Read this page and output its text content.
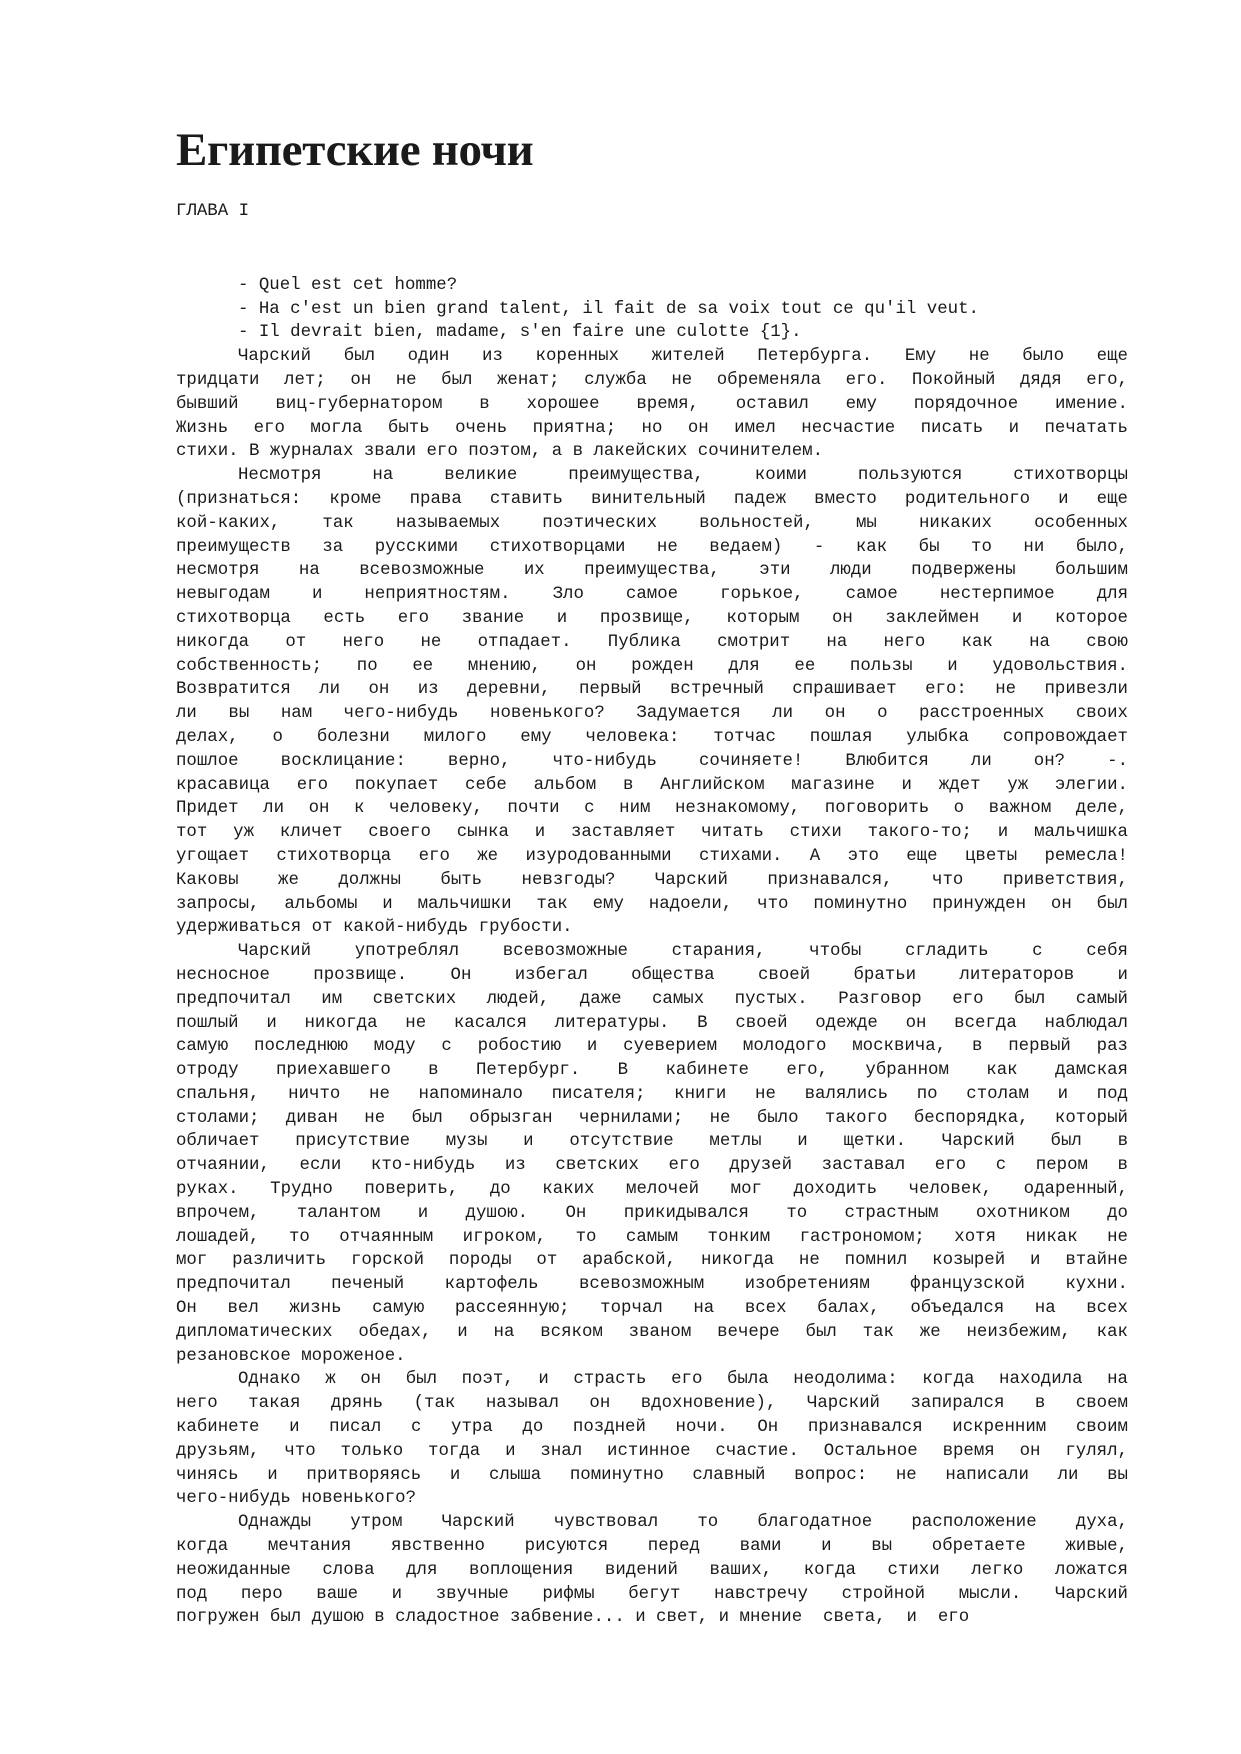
Египетские ночи
ГЛАВА I
- Quel est cet homme?
- Ha c'est un bien grand talent, il fait de sa voix tout ce qu'il veut.
- Il devrait bien, madame, s'en faire une culotte {1}.
Чарский был один из коренных жителей Петербурга. Ему не было еще
тридцати лет; он не был женат; служба не обременяла его. Покойный дядя его,
бывший виц-губернатором в хорошее время, оставил ему порядочное имение.
Жизнь его могла быть очень приятна; но он имел несчастие писать и печатать
стихи. В журналах звали его поэтом, а в лакейских сочинителем.
Несмотря на великие преимущества, коими пользуются стихотворцы
(признаться: кроме права ставить винительный падеж вместо родительного и еще
кой-каких, так называемых поэтических вольностей, мы никаких особенных
преимуществ за русскими стихотворцами не ведаем) - как бы то ни было,
несмотря на всевозможные их преимущества, эти люди подвержены большим
невыгодам и неприятностям. Зло самое горькое, самое нестерпимое для
стихотворца есть его звание и прозвище, которым он заклеймен и которое
никогда от него не отпадает. Публика смотрит на него как на свою
собственность; по ее мнению, он рожден для ее пользы и удовольствия.
Возвратится ли он из деревни, первый встречный спрашивает его: не привезли
ли вы нам чего-нибудь новенького? Задумается ли он о расстроенных своих
делах, о болезни милого ему человека: тотчас пошлая улыбка сопровождает
пошлое восклицание: верно, что-нибудь сочиняете! Влюбится ли он? -.
красавица его покупает себе альбом в Английском магазине и ждет уж элегии.
Придет ли он к человеку, почти с ним незнакомому, поговорить о важном деле,
тот уж кличет своего сынка и заставляет читать стихи такого-то; и мальчишка
угощает стихотворца его же изуродованными стихами. А это еще цветы ремесла!
Каковы же должны быть невзгоды? Чарский признавался, что приветствия,
запросы, альбомы и мальчишки так ему надоели, что поминутно принужден он был
удерживаться от какой-нибудь грубости.
Чарский употреблял всевозможные старания, чтобы сгладить с себя
несносное прозвище. Он избегал общества своей братьи литераторов и
предпочитал им светских людей, даже самых пустых. Разговор его был самый
пошлый и никогда не касался литературы. В своей одежде он всегда наблюдал
самую последнюю моду с робостию и суеверием молодого москвича, в первый раз
отроду приехавшего в Петербург. В кабинете его, убранном как дамская
спальня, ничто не напоминало писателя; книги не валялись по столам и под
столами; диван не был обрызган чернилами; не было такого беспорядка, который
обличает присутствие музы и отсутствие метлы и щетки. Чарский был в
отчаянии, если кто-нибудь из светских его друзей заставал его с пером в
руках. Трудно поверить, до каких мелочей мог доходить человек, одаренный,
впрочем, талантом и душою. Он прикидывался то страстным охотником до
лошадей, то отчаянным игроком, то самым тонким гастрономом; хотя никак не
мог различить горской породы от арабской, никогда не помнил козырей и втайне
предпочитал печеный картофель всевозможным изобретениям французской кухни.
Он вел жизнь самую рассеянную; торчал на всех балах, объедался на всех
дипломатических обедах, и на всяком званом вечере был так же неизбежим, как
резановское мороженое.
Однако ж он был поэт, и страсть его была неодолима: когда находила на
него такая дрянь (так называл он вдохновение), Чарский запирался в своем
кабинете и писал с утра до поздней ночи. Он признавался искренним своим
друзьям, что только тогда и знал истинное счастие. Остальное время он гулял,
чинясь и притворяясь и слыша поминутно славный вопрос: не написали ли вы
чего-нибудь новенького?
Однажды утром Чарский чувствовал то благодатное расположение духа,
когда мечтания явственно рисуются перед вами и вы обретаете живые,
неожиданные слова для воплощения видений ваших, когда стихи легко ложатся
под перо ваше и звучные рифмы бегут навстречу стройной мысли. Чарский
погружен был душою в сладостное забвение... и свет, и мнение  света,  и  его
